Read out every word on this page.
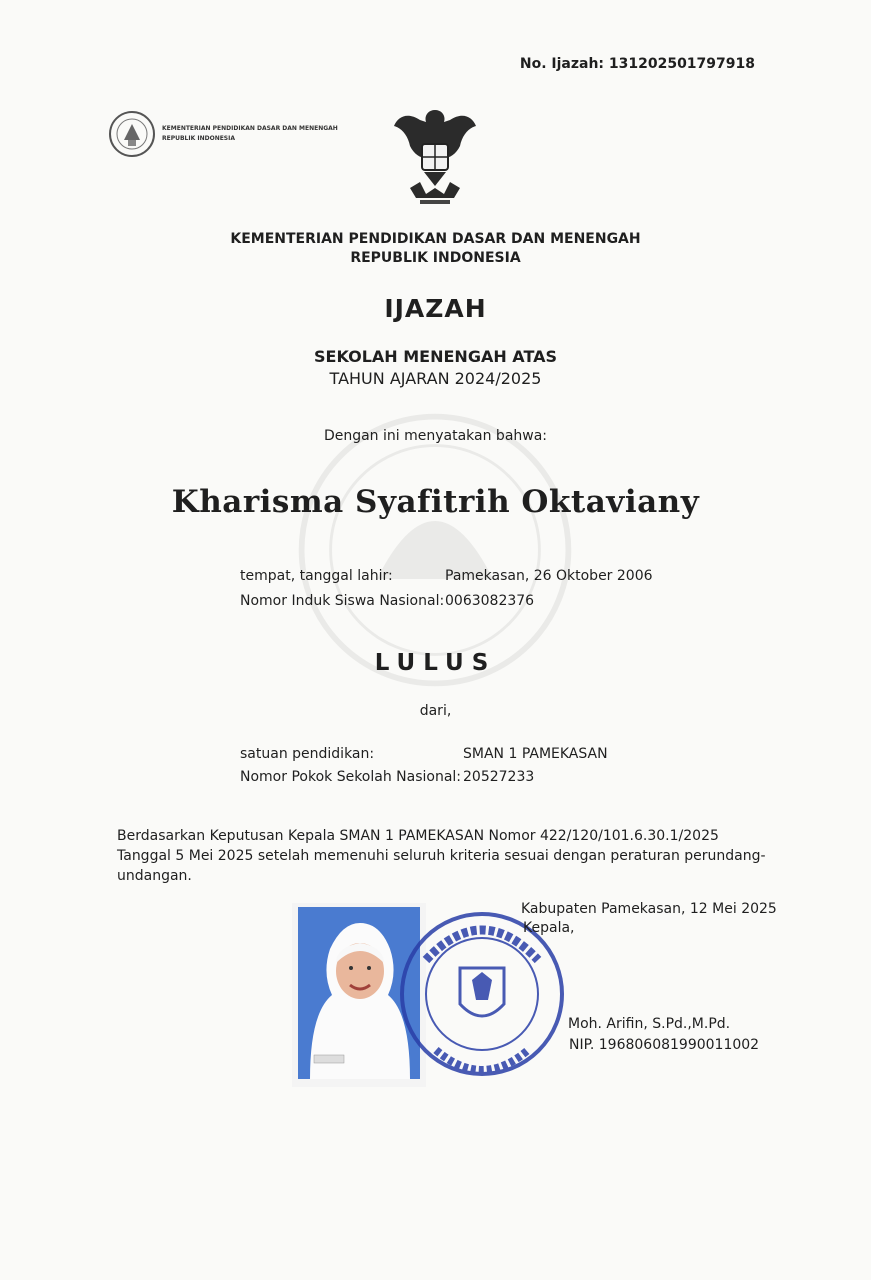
No. Ijazah: 131202501797918
KEMENTERIAN PENDIDIKAN DASAR DAN MENENGAH
REPUBLIK INDONESIA
KEMENTERIAN PENDIDIKAN DASAR DAN MENENGAH
REPUBLIK INDONESIA
IJAZAH
SEKOLAH MENENGAH ATAS
TAHUN AJARAN 2024/2025
Dengan ini menyatakan bahwa:
Kharisma Syafitrih Oktaviany
tempat, tanggal lahir:	Pamekasan, 26 Oktober 2006
Nomor Induk Siswa Nasional: 0063082376
LULUS
dari,
satuan pendidikan:	SMAN 1 PAMEKASAN
Nomor Pokok Sekolah Nasional: 20527233
Berdasarkan Keputusan Kepala SMAN 1 PAMEKASAN Nomor 422/120/101.6.30.1/2025 Tanggal 5 Mei 2025 setelah memenuhi seluruh kriteria sesuai dengan peraturan perundang-undangan.
Kabupaten Pamekasan, 12 Mei 2025
Kepala,
Moh. Arifin, S.Pd.,M.Pd.
NIP. 196806081990011002
